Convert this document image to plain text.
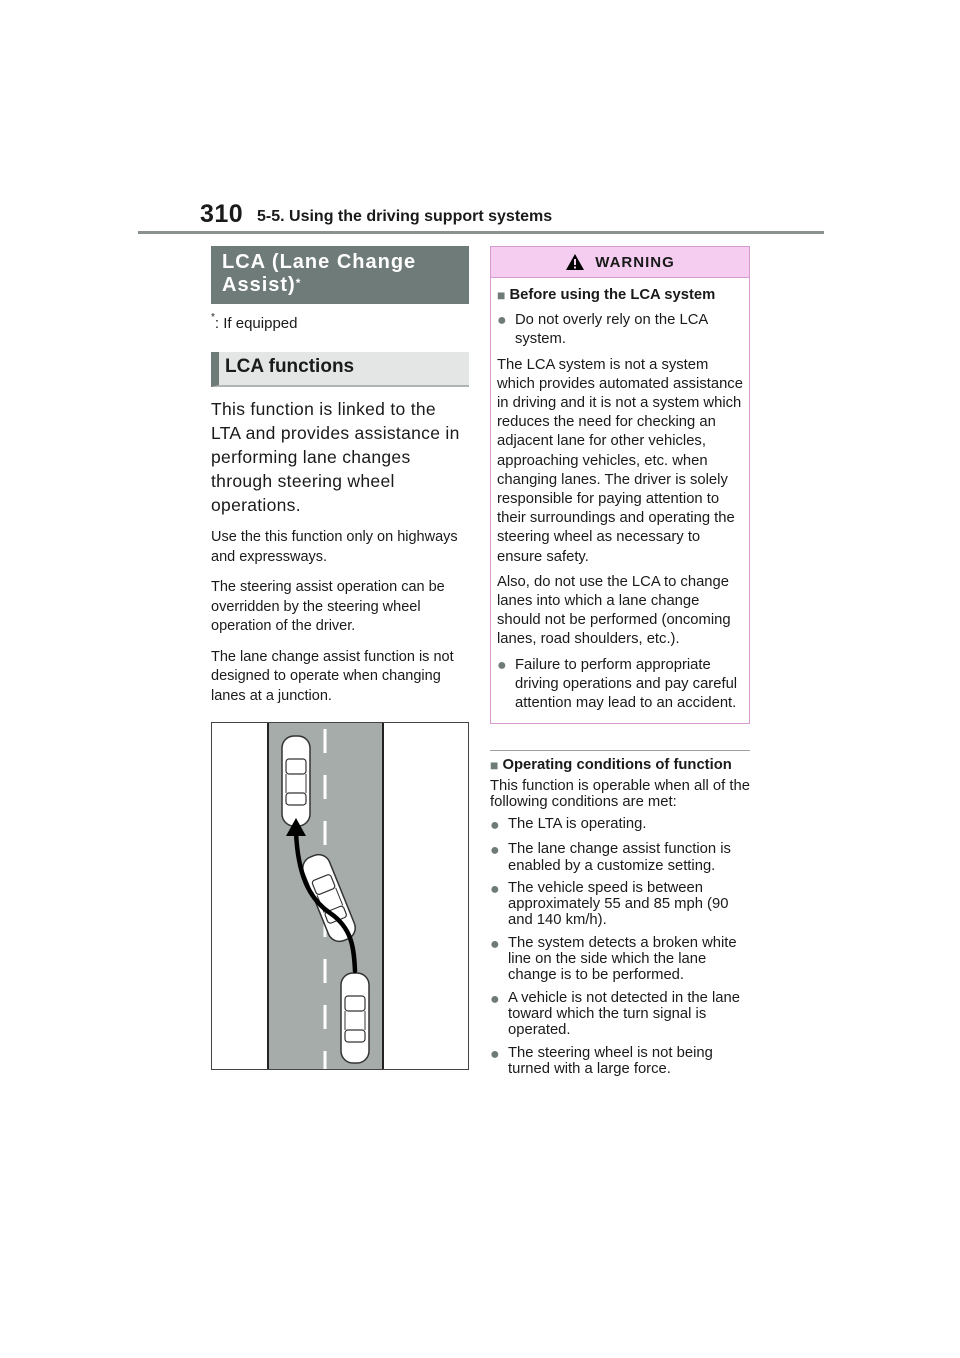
310 5-5. Using the driving support systems
LCA (Lane Change
Assist)*
*: If equipped
LCA functions

This function is linked to the LTA and provides assistance in performing lane changes through steering wheel operations.

Use the this function only on highways and expressways.

The steering assist operation can be overridden by the steering wheel operation of the driver.

The lane change assist function is not designed to operate when changing lanes at a junction.

WARNING
■ Before using the LCA system
● Do not overly rely on the LCA system.
The LCA system is not a system which provides automated assistance in driving and it is not a system which reduces the need for checking an adjacent lane for other vehicles, approaching vehicles, etc. when changing lanes. The driver is solely responsible for paying attention to their surroundings and operating the steering wheel as necessary to ensure safety.
Also, do not use the LCA to change lanes into which a lane change should not be performed (oncoming lanes, road shoulders, etc.).
● Failure to perform appropriate driving operations and pay careful attention may lead to an accident.
■ Operating conditions of function
This function is operable when all of the following conditions are met:
● The LTA is operating.
● The lane change assist function is enabled by a customize setting.
● The vehicle speed is between approximately 55 and 85 mph (90 and 140 km/h).
● The system detects a broken white line on the side which the lane change is to be performed.
● A vehicle is not detected in the lane toward which the turn signal is operated.
● The steering wheel is not being turned with a large force.
